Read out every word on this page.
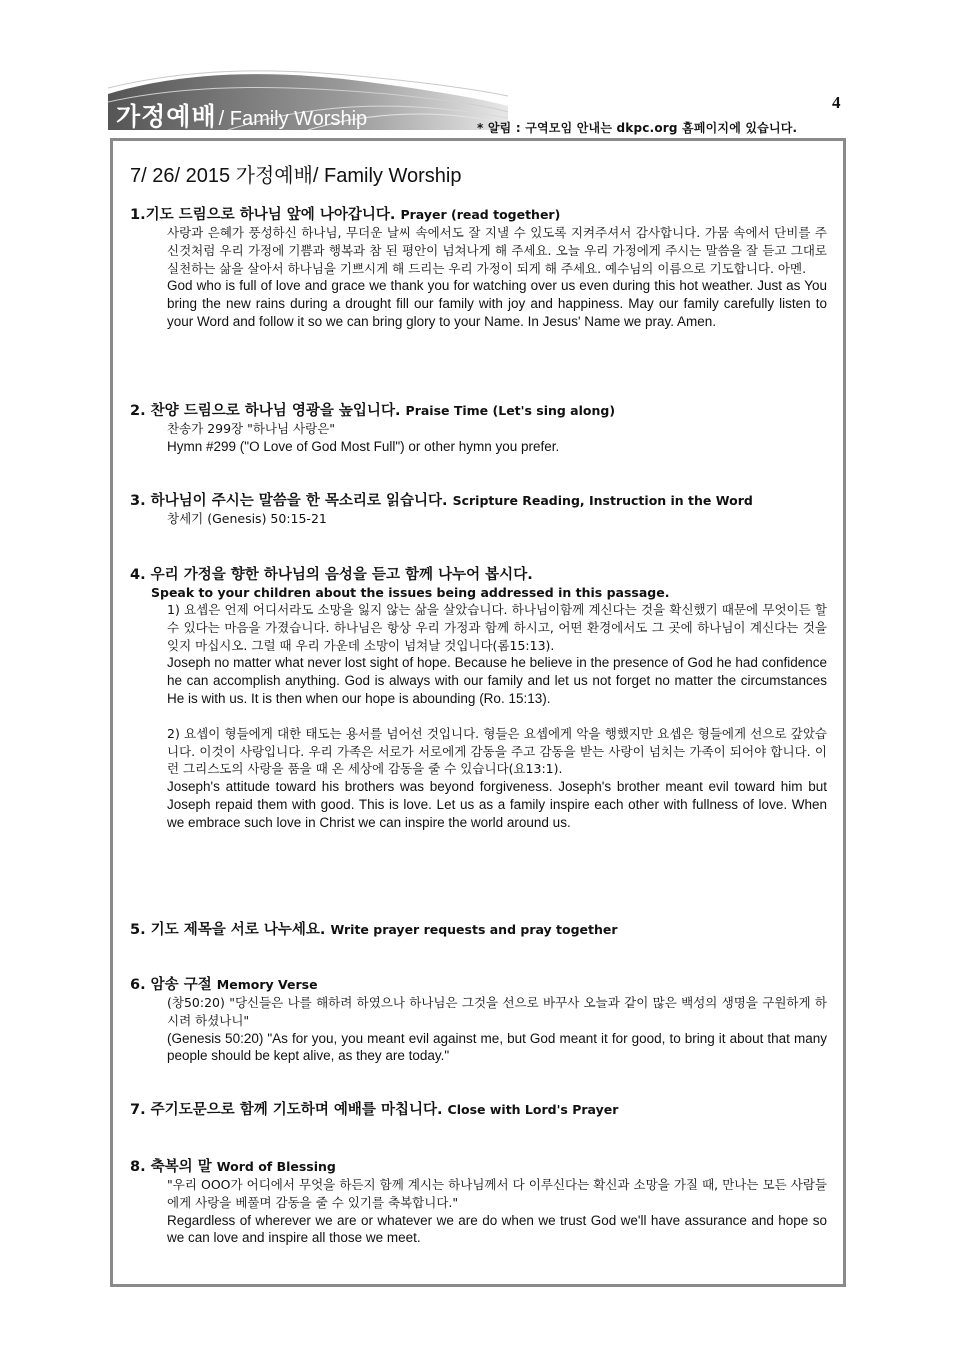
가정예배 / Family Worship
4
* 알림 : 구역모임 안내는 dkpc.org 홈페이지에 있습니다.
7/ 26/ 2015 가정예배/ Family Worship
1.기도 드림으로 하나님 앞에 나아갑니다. Prayer (read together)
사랑과 은혜가 풍성하신 하나님, 무더운 날씨 속에서도 잘 지낼 수 있도록 지켜주셔서 감사합니다. 가뭄 속에서 단비를 주신것처럼 우리 가정에 기쁨과 행복과 참 된 평안이 넘쳐나게 해 주세요. 오늘 우리 가정에게 주시는 말씀을 잘 듣고 그대로 실천하는 삶을 살아서 하나님을 기쁘시게 해 드리는 우리 가정이 되게 해 주세요. 예수님의 이름으로 기도합니다. 아멘.
God who is full of love and grace we thank you for watching over us even during this hot weather. Just as You bring the new rains during a drought fill our family with joy and happiness. May our family carefully listen to your Word and follow it so we can bring glory to your Name. In Jesus' Name we pray. Amen.
2. 찬양 드림으로 하나님 영광을 높입니다. Praise Time (Let's sing along)
찬송가 299장 "하나님 사랑은"
Hymn #299 ("O Love of God Most Full") or other hymn you prefer.
3. 하나님이 주시는 말씀을 한 목소리로 읽습니다. Scripture Reading, Instruction in the Word
창세기 (Genesis) 50:15-21
4. 우리 가정을 향한 하나님의 음성을 듣고 함께 나누어 봅시다.
Speak to your children about the issues being addressed in this passage.
1) 요셉은 언제 어디서라도 소망을 잃지 않는 삶을 살았습니다. 하나님이함께 계신다는 것을 확신했기 때문에 무엇이든 할 수 있다는 마음을 가졌습니다. 하나님은 항상 우리 가정과 함께 하시고, 어떤 환경에서도 그 곳에 하나님이 계신다는 것을 잊지 마십시오. 그럴 때 우리 가운데 소망이 넘쳐날 것입니다(롬15:13).
Joseph no matter what never lost sight of hope. Because he believe in the presence of God he had confidence he can accomplish anything. God is always with our family and let us not forget no matter the circumstances He is with us. It is then when our hope is abounding (Ro. 15:13).
2) 요셉이 형들에게 대한 태도는 용서를 넘어선 것입니다. 형들은 요셉에게 악을 행했지만 요셉은 형들에게 선으로 갚았습니다. 이것이 사랑입니다. 우리 가족은 서로가 서로에게 감동을 주고 감동을 받는 사랑이 넘치는 가족이 되어야 합니다. 이런 그리스도의 사랑을 품을 때 온 세상에 감동을 줄 수 있습니다(요13:1).
Joseph's attitude toward his brothers was beyond forgiveness. Joseph's brother meant evil toward him but Joseph repaid them with good. This is love. Let us as a family inspire each other with fullness of love. When we embrace such love in Christ we can inspire the world around us.
5. 기도 제목을 서로 나누세요. Write prayer requests and pray together
6. 암송 구절 Memory Verse
(창50:20) "당신들은 나를 해하려 하였으나 하나님은 그것을 선으로 바꾸사 오늘과 같이 많은 백성의 생명을 구원하게 하시려 하셨나니"
(Genesis 50:20) "As for you, you meant evil against me, but God meant it for good, to bring it about that many people should be kept alive, as they are today."
7. 주기도문으로 함께 기도하며 예배를 마칩니다. Close with Lord's Prayer
8. 축복의 말 Word of Blessing
"우리 OOO가 어디에서 무엇을 하든지 함께 계시는 하나님께서 다 이루신다는 확신과 소망을 가질 때, 만나는 모든 사람들에게 사랑을 베풀며 감동을 줄 수 있기를 축복합니다."
Regardless of wherever we are or whatever we are do when we trust God we'll have assurance and hope so we can love and inspire all those we meet.
